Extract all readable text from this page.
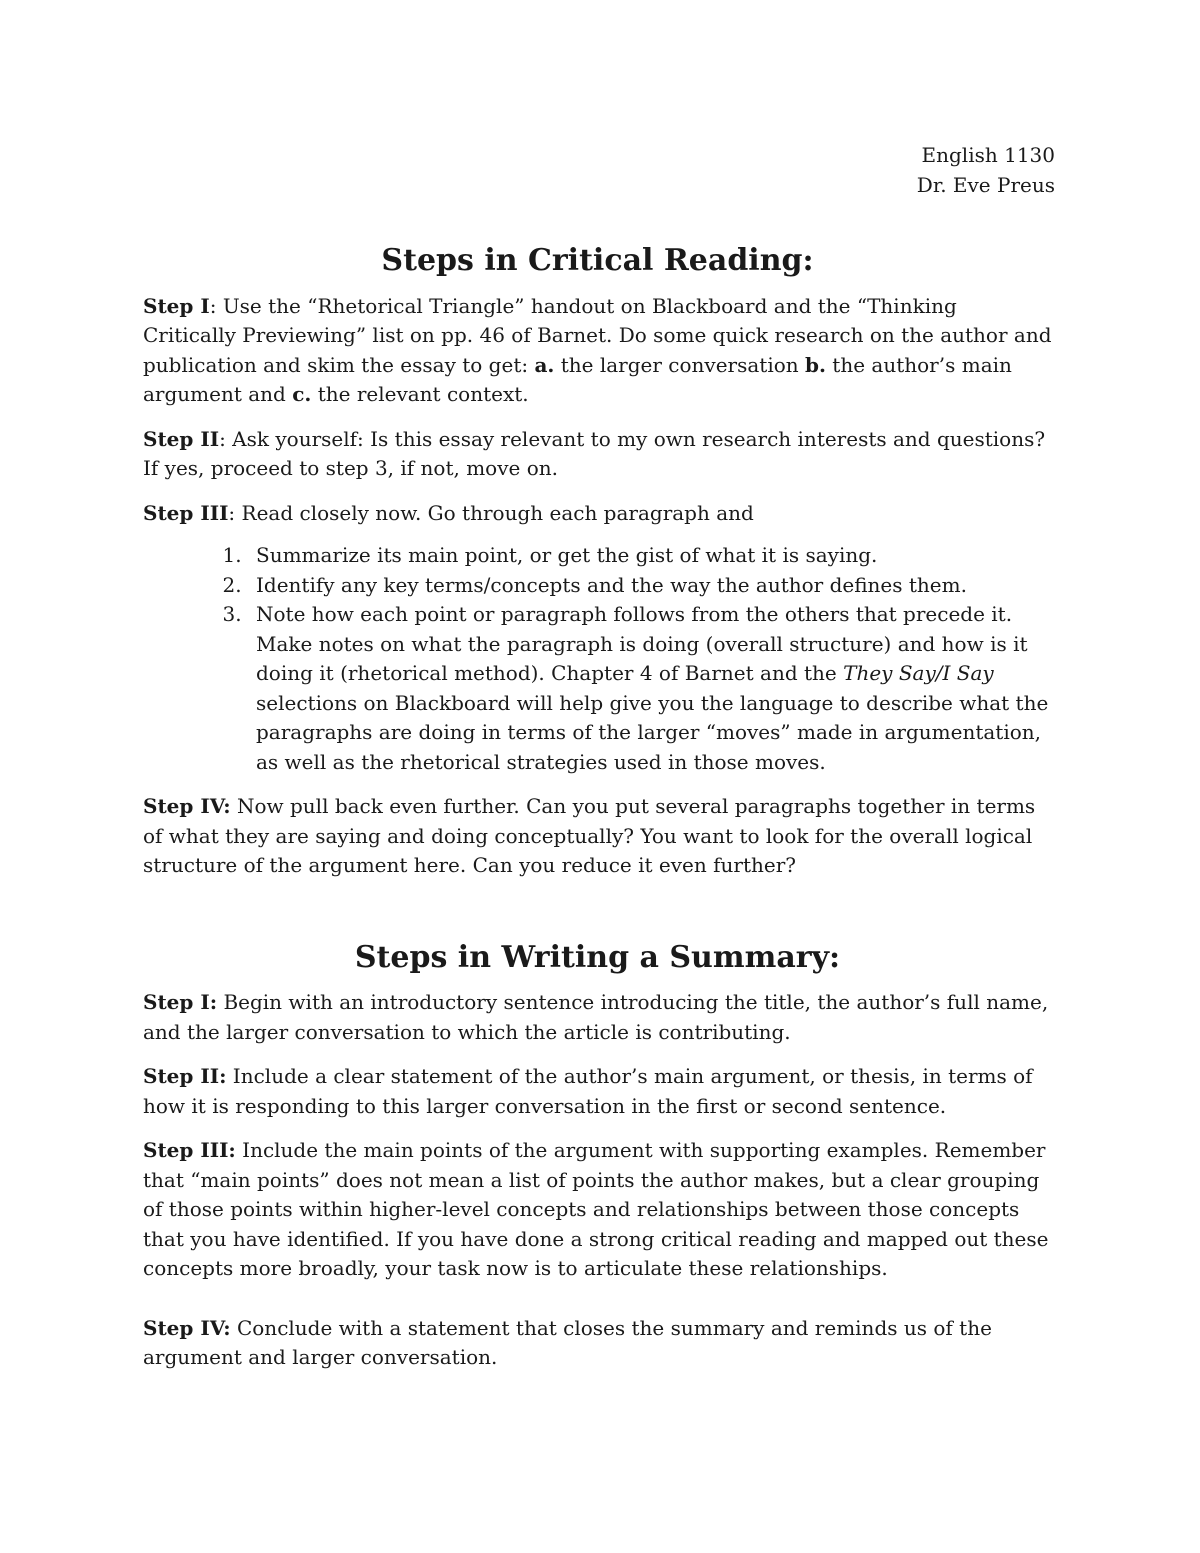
English 1130
Dr. Eve Preus
Steps in Critical Reading:

Step I: Use the “Rhetorical Triangle” handout on Blackboard and the “Thinking Critically Previewing” list on pp. 46 of Barnet. Do some quick research on the author and publication and skim the essay to get: a. the larger conversation b. the author’s main argument and c. the relevant context.

Step II: Ask yourself: Is this essay relevant to my own research interests and questions? If yes, proceed to step 3, if not, move on.

Step III: Read closely now. Go through each paragraph and

1. Summarize its main point, or get the gist of what it is saying.
2. Identify any key terms/concepts and the way the author defines them.
3. Note how each point or paragraph follows from the others that precede it. Make notes on what the paragraph is doing (overall structure) and how is it doing it (rhetorical method). Chapter 4 of Barnet and the They Say/I Say selections on Blackboard will help give you the language to describe what the paragraphs are doing in terms of the larger “moves” made in argumentation, as well as the rhetorical strategies used in those moves.

Step IV: Now pull back even further. Can you put several paragraphs together in terms of what they are saying and doing conceptually? You want to look for the overall logical structure of the argument here. Can you reduce it even further?

Steps in Writing a Summary:

Step I: Begin with an introductory sentence introducing the title, the author’s full name, and the larger conversation to which the article is contributing.

Step II: Include a clear statement of the author’s main argument, or thesis, in terms of how it is responding to this larger conversation in the first or second sentence.

Step III: Include the main points of the argument with supporting examples. Remember that “main points” does not mean a list of points the author makes, but a clear grouping of those points within higher-level concepts and relationships between those concepts that you have identified. If you have done a strong critical reading and mapped out these concepts more broadly, your task now is to articulate these relationships.

Step IV: Conclude with a statement that closes the summary and reminds us of the argument and larger conversation.
